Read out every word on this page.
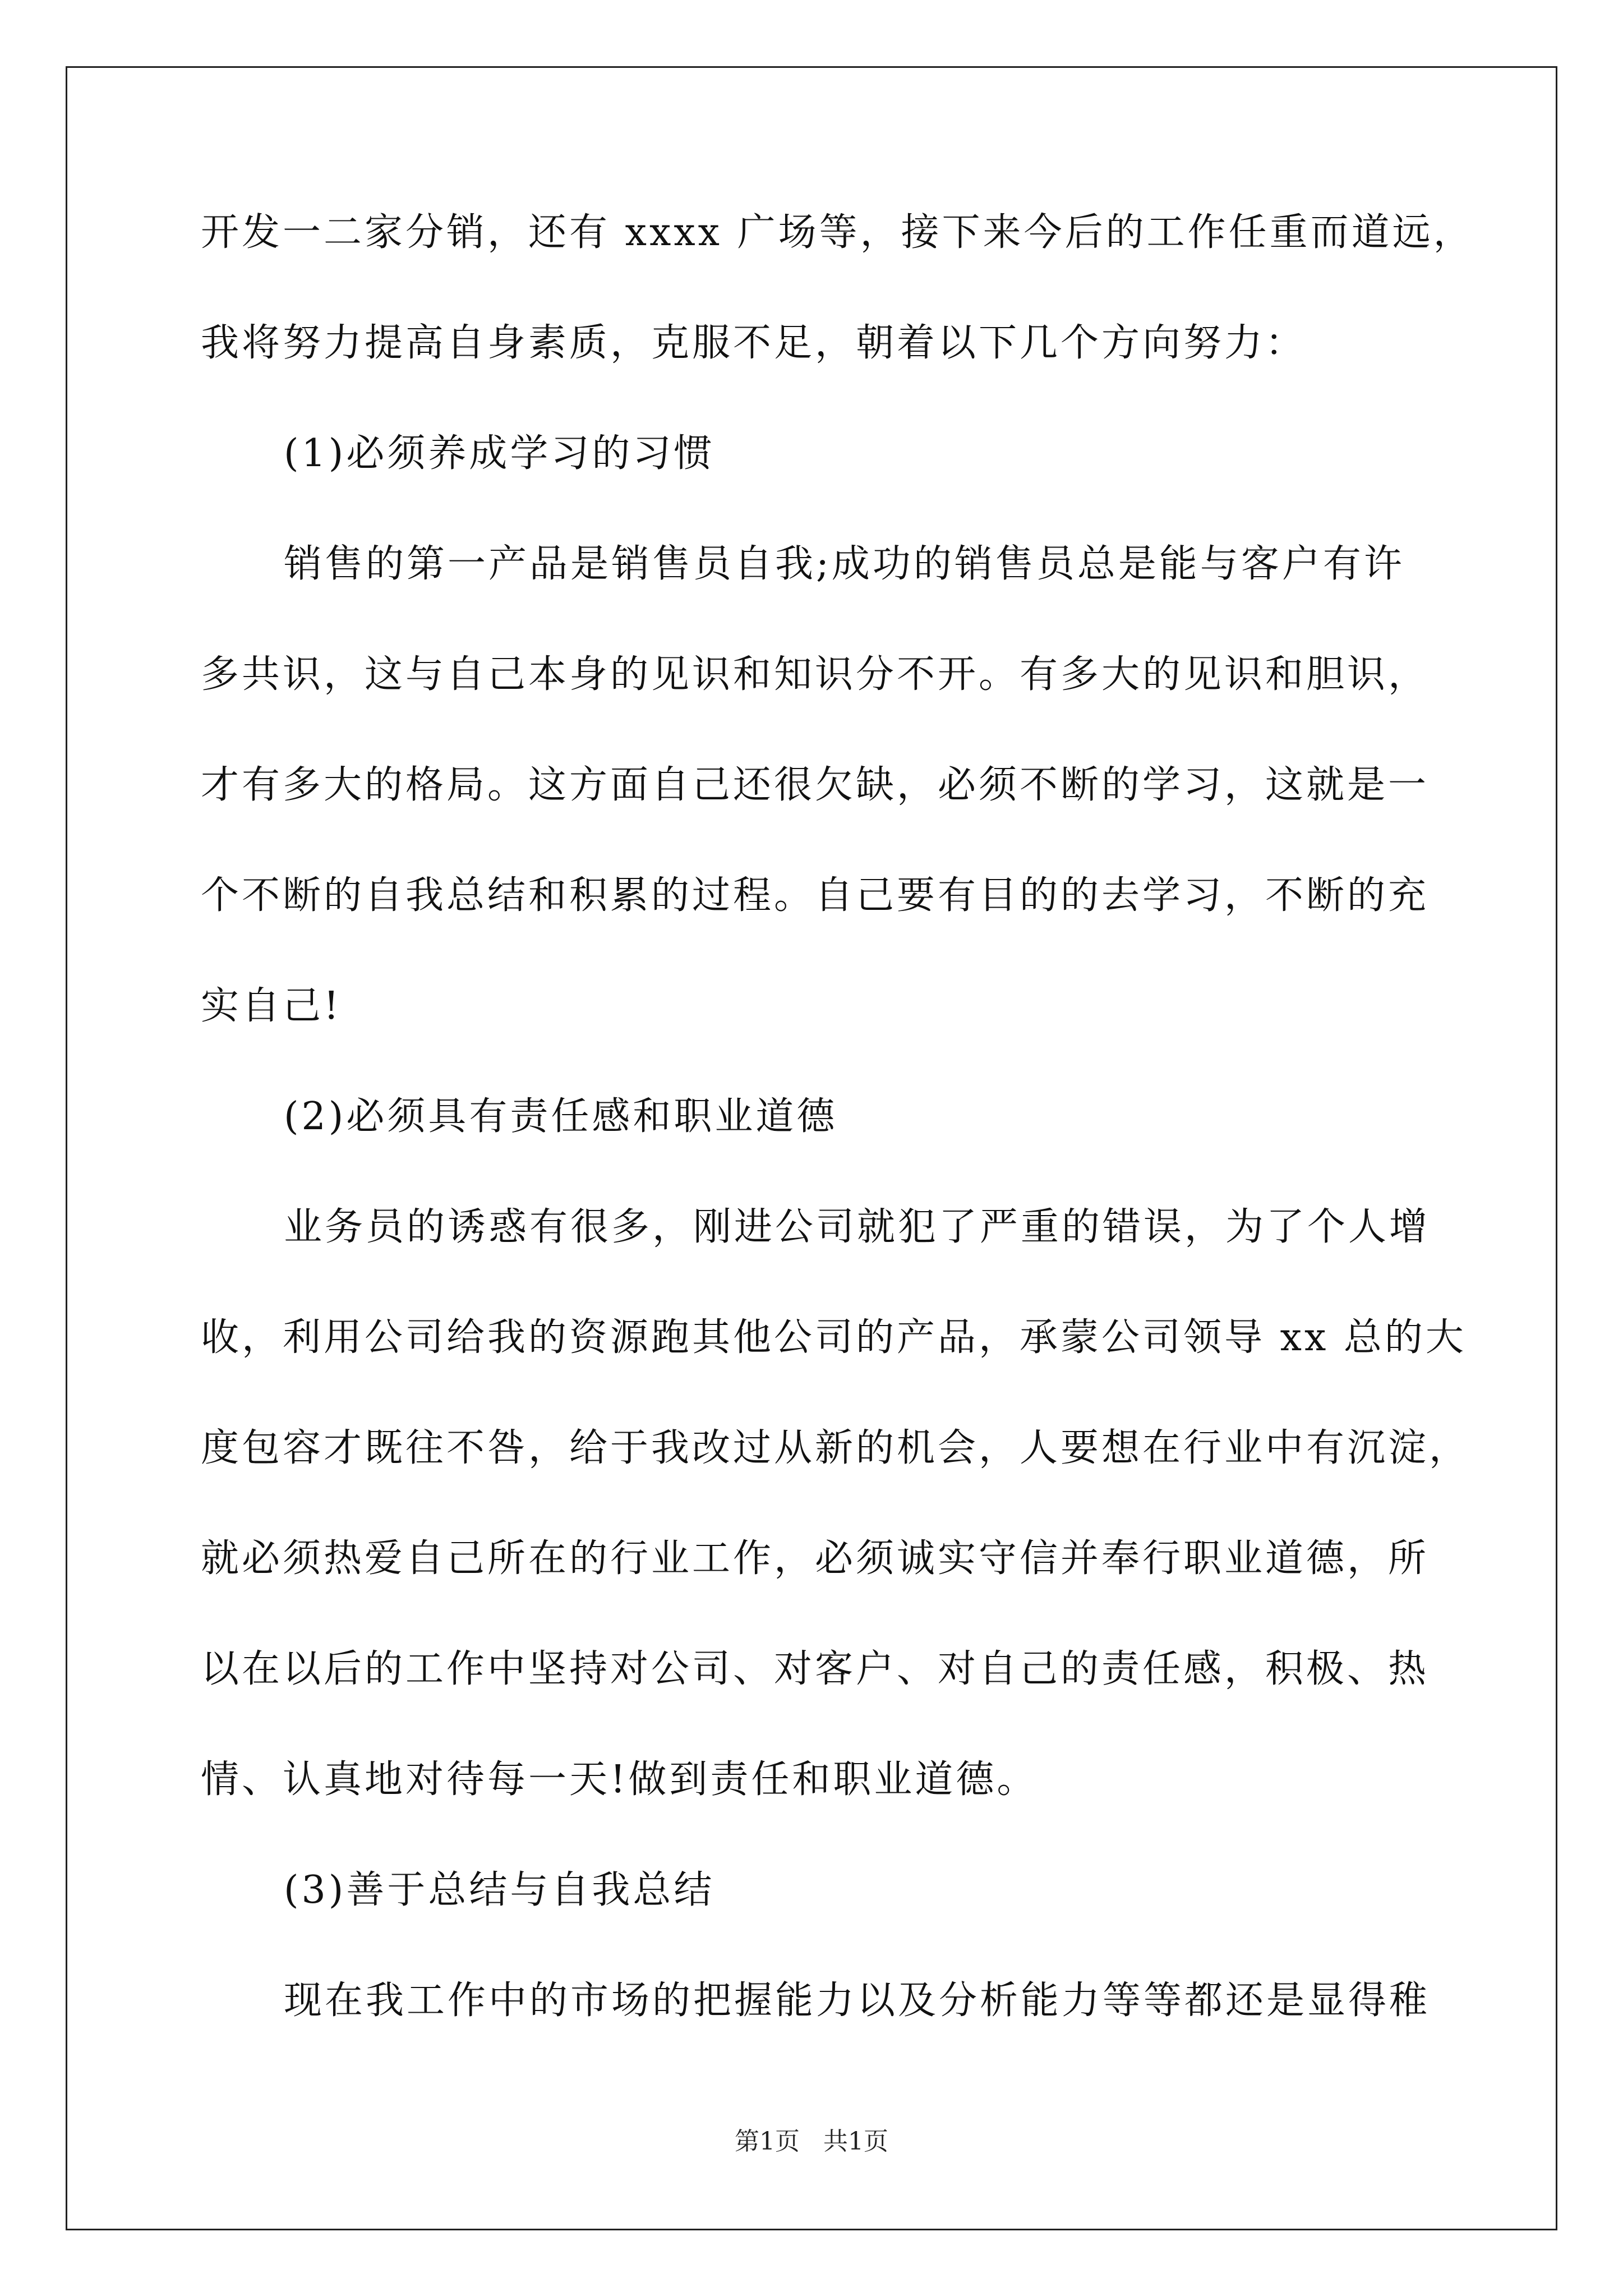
开发一二家分销，还有 xxxx 广场等，接下来今后的工作任重而道远，
我将努力提高自身素质，克服不足，朝着以下几个方向努力：
(1)必须养成学习的习惯
销售的第一产品是销售员自我;成功的销售员总是能与客户有许
多共识，这与自己本身的见识和知识分不开。有多大的见识和胆识，
才有多大的格局。这方面自己还很欠缺，必须不断的学习，这就是一
个不断的自我总结和积累的过程。自己要有目的的去学习，不断的充
实自己!
(2)必须具有责任感和职业道德
业务员的诱惑有很多，刚进公司就犯了严重的错误，为了个人增
收，利用公司给我的资源跑其他公司的产品，承蒙公司领导 xx 总的大
度包容才既往不咎，给于我改过从新的机会，人要想在行业中有沉淀，
就必须热爱自己所在的行业工作，必须诚实守信并奉行职业道德，所
以在以后的工作中坚持对公司、对客户、对自己的责任感，积极、热
情、认真地对待每一天!做到责任和职业道德。
(3)善于总结与自我总结
现在我工作中的市场的把握能力以及分析能力等等都还是显得稚
第1页   共1页
